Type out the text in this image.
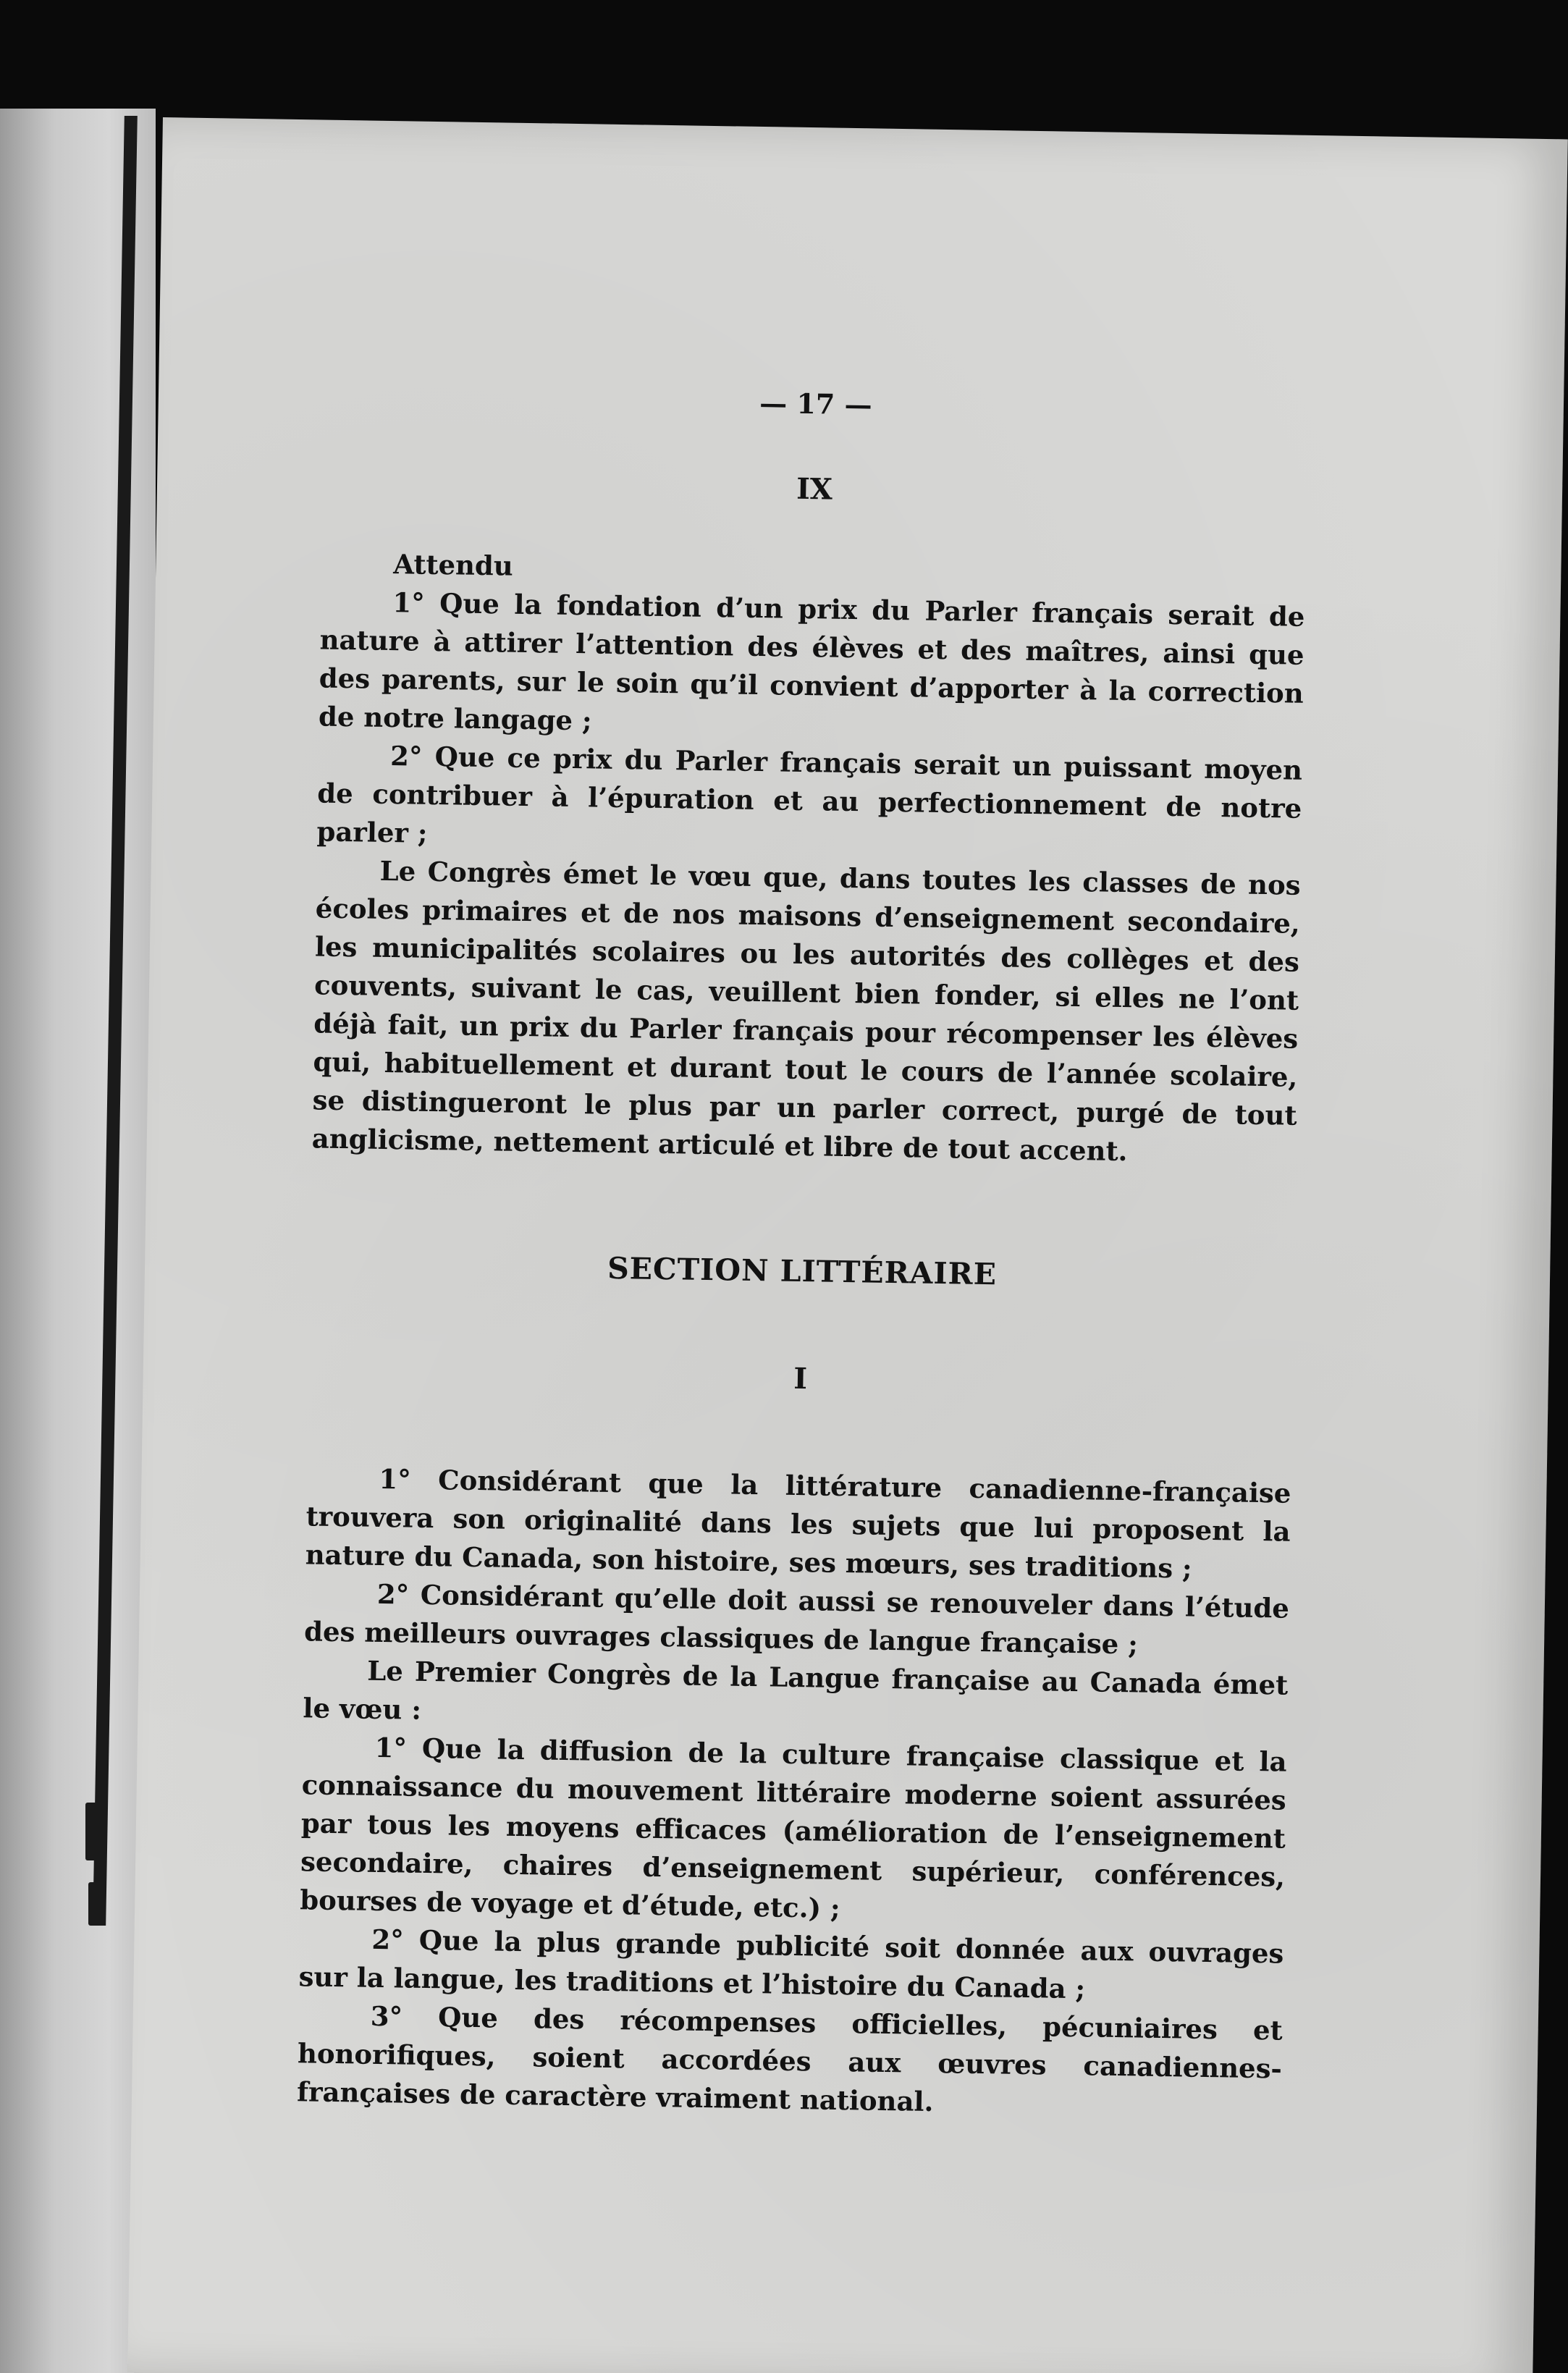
— 17 —
IX

Attendu

1° Que la fondation d’un prix du Parler français serait de nature à attirer l’attention des élèves et des maîtres, ainsi que des parents, sur le soin qu’il convient d’apporter à la correction de notre langage ;

2° Que ce prix du Parler français serait un puissant moyen de contribuer à l’épuration et au perfectionnement de notre parler ;

Le Congrès émet le vœu que, dans toutes les classes de nos écoles primaires et de nos maisons d’enseignement secondaire, les municipalités scolaires ou les autorités des collèges et des couvents, suivant le cas, veuillent bien fonder, si elles ne l’ont déjà fait, un prix du Parler français pour récompenser les élèves qui, habituellement et durant tout le cours de l’année scolaire, se distingueront le plus par un parler correct, purgé de tout anglicisme, nettement articulé et libre de tout accent.

SECTION LITTÉRAIRE
I

1° Considérant que la littérature canadienne-française trouvera son originalité dans les sujets que lui proposent la nature du Canada, son histoire, ses mœurs, ses traditions ;

2° Considérant qu’elle doit aussi se renouveler dans l’étude des meilleurs ouvrages classiques de langue française ;

Le Premier Congrès de la Langue française au Canada émet le vœu :

1° Que la diffusion de la culture française classique et la connaissance du mouvement littéraire moderne soient assurées par tous les moyens efficaces (amélioration de l’enseignement secondaire, chaires d’enseignement supérieur, conférences, bourses de voyage et d’étude, etc.) ;

2° Que la plus grande publicité soit donnée aux ouvrages sur la langue, les traditions et l’histoire du Canada ;

3° Que des récompenses officielles, pécuniaires et honorifiques, soient accordées aux œuvres canadiennes-françaises de caractère vraiment national.
